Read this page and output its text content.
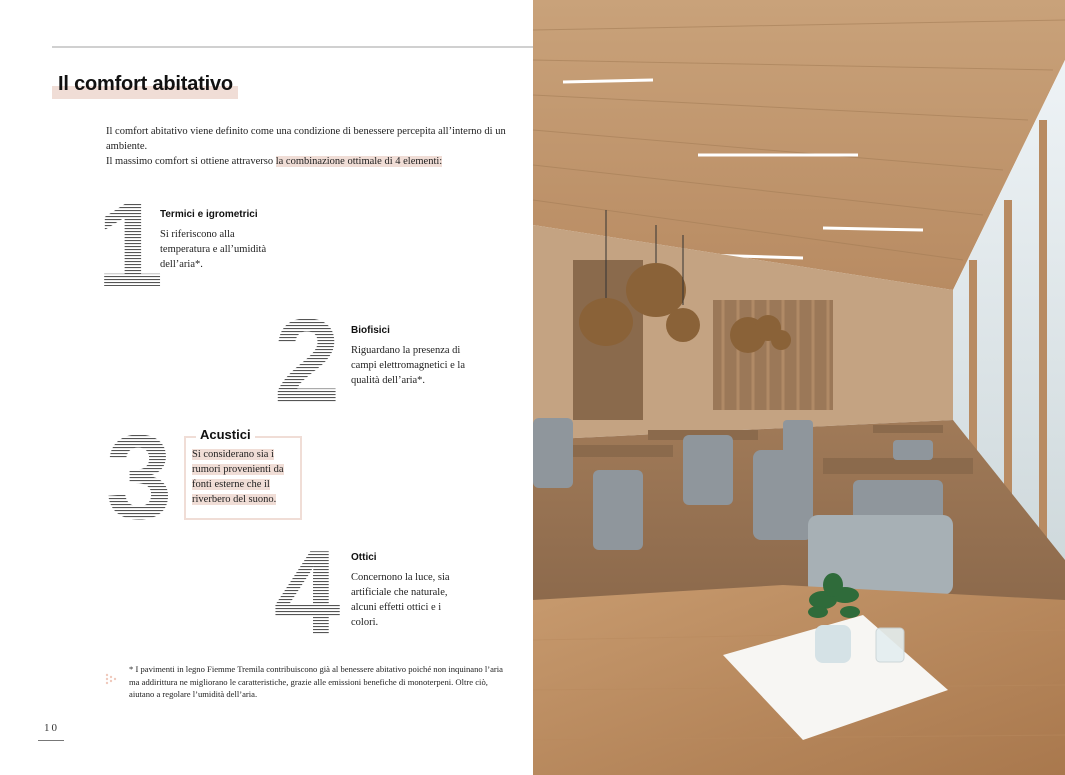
Il comfort abitativo

Il comfort abitativo viene definito come una condizione di benessere percepita all’interno di un ambiente.

Il massimo comfort si ottiene attraverso la combinazione ottimale di 4 elementi:

1
Termici e igrometrici
Si riferiscono alla temperatura e all’umidità dell’aria*.
2 Biofisici
Riguardano la presenza di campi elettromagnetici e la qualità dell’aria*.
3	Acustici
Si considerano sia i rumori provenienti da fonti esterne che il riverbero del suono.
4 Ottici
Concernono la luce, sia artificiale che naturale, alcuni effetti ottici e i colori.
* I pavimenti in legno Fiemme Tremila contribuiscono già al benessere abitativo poiché non inquinano l’aria ma addirittura ne migliorano le caratteristiche, grazie alle emissioni benefiche di monoterpeni. Oltre ciò, aiutano a regolare l’umidità dell’aria.
10
